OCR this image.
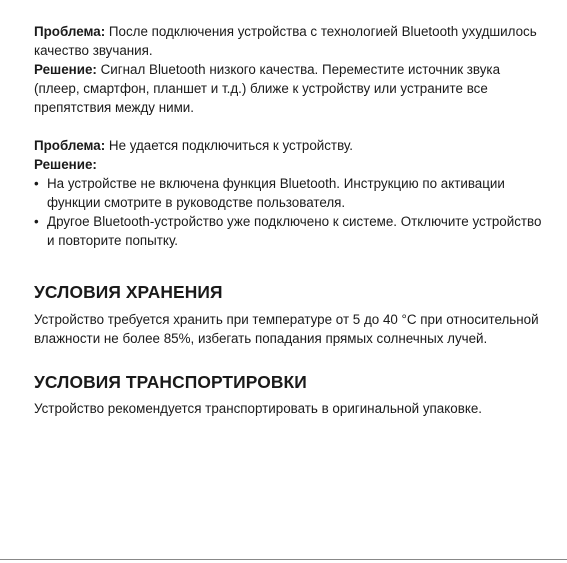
Проблема: После подключения устройства с технологией Bluetooth ухудшилось качество звучания.

Решение: Сигнал Bluetooth низкого качества. Переместите источник звука (плеер, смартфон, планшет и т.д.) ближе к устройству или устраните все препятствия между ними.

Проблема: Не удается подключиться к устройству.

Решение:

• На устройстве не включена функция Bluetooth. Инструкцию по активации функции смотрите в руководстве пользователя.
• Другое Bluetooth-устройство уже подключено к системе. Отключите устройство и повторите попытку.
УСЛОВИЯ ХРАНЕНИЯ

Устройство требуется хранить при температуре от 5 до 40 °С при относительной влажности не более 85%, избегать попадания прямых солнечных лучей.

УСЛОВИЯ ТРАНСПОРТИРОВКИ

Устройство рекомендуется транспортировать в оригинальной упаковке.
